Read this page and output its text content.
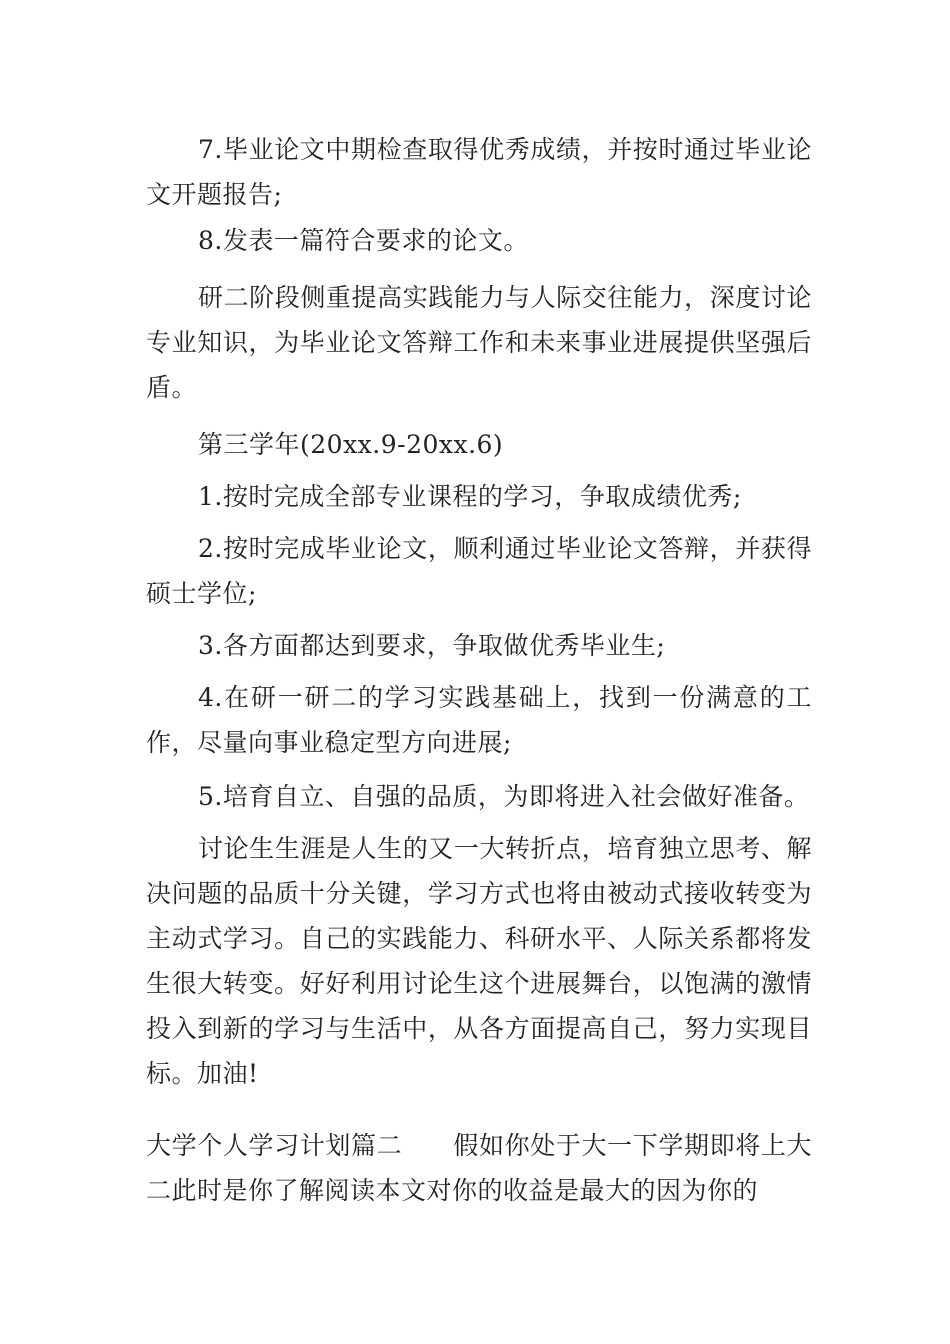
7.毕业论文中期检查取得优秀成绩，并按时通过毕业论文开题报告;

8.发表一篇符合要求的论文。

研二阶段侧重提高实践能力与人际交往能力，深度讨论专业知识，为毕业论文答辩工作和未来事业进展提供坚强后盾。

第三学年(20xx.9-20xx.6)

1.按时完成全部专业课程的学习，争取成绩优秀;

2.按时完成毕业论文，顺利通过毕业论文答辩，并获得硕士学位;

3.各方面都达到要求，争取做优秀毕业生;

4.在研一研二的学习实践基础上，找到一份满意的工作，尽量向事业稳定型方向进展;

5.培育自立、自强的品质，为即将进入社会做好准备。

讨论生生涯是人生的又一大转折点，培育独立思考、解决问题的品质十分关键，学习方式也将由被动式接收转变为主动式学习。自己的实践能力、科研水平、人际关系都将发生很大转变。好好利用讨论生这个进展舞台，以饱满的激情投入到新的学习与生活中，从各方面提高自己，努力实现目标。加油!

大学个人学习计划篇二　　假如你处于大一下学期即将上大二此时是你了解阅读本文对你的收益是最大的因为你的
